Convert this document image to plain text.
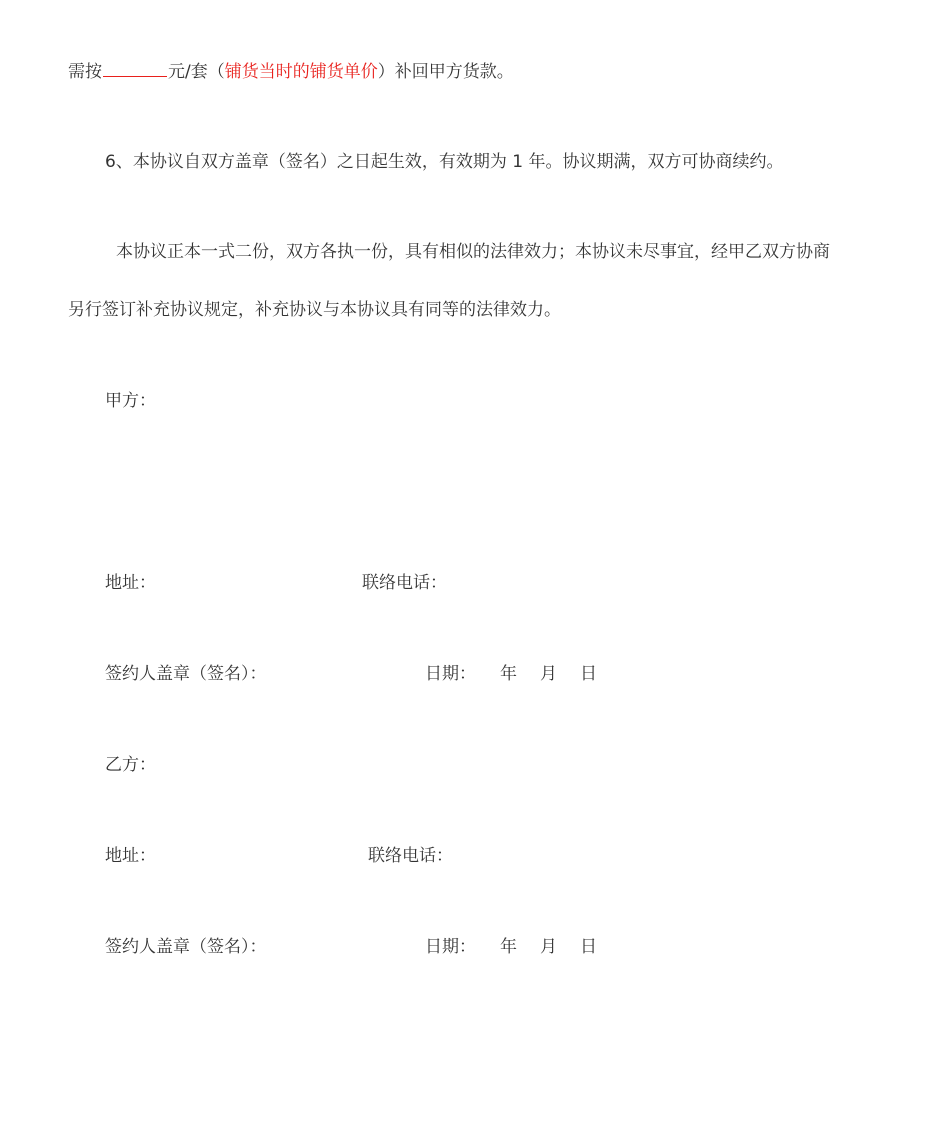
需按	元/套（铺货当时的铺货单价）补回甲方货款。
6、本协议自双方盖章（签名）之日起生效，有效期为 1 年。协议期满，双方可协商续约。
本协议正本一式二份，双方各执一份，具有相似的法律效力；本协议未尽事宜，经甲乙双方协商
另行签订补充协议规定，补充协议与本协议具有同等的法律效力。
甲方：
地址：	联络电话：
签约人盖章（签名）：	日期： 年 月 日
乙方：
地址：	联络电话：
签约人盖章（签名）：	日期： 年 月 日
